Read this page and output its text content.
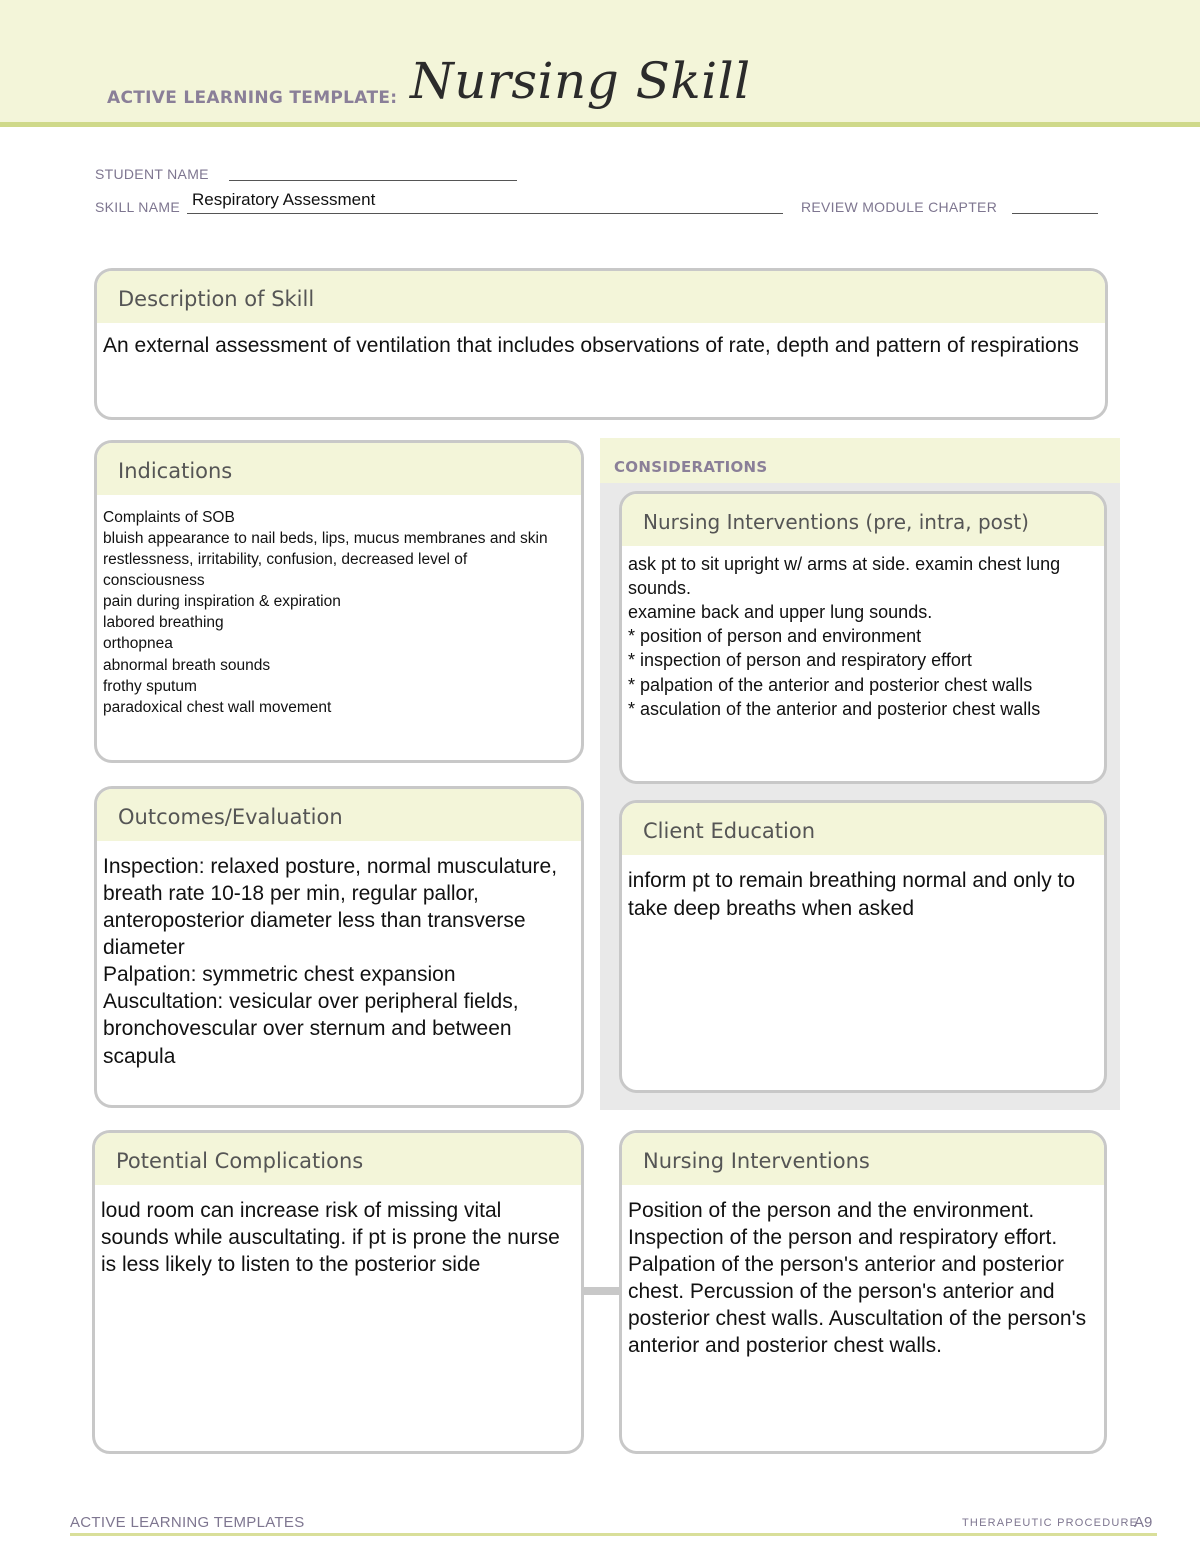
ACTIVE LEARNING TEMPLATE: Nursing Skill
STUDENT NAME
SKILL NAME Respiratory Assessment	REVIEW MODULE CHAPTER
Description of Skill
An external assessment of ventilation that includes observations of rate, depth and pattern of respirations
CONSIDERATIONS
Indications
Complaints of SOB
bluish appearance to nail beds, lips, mucus membranes and skin
restlessness, irritability, confusion, decreased level of consciousness
pain during inspiration & expiration
labored breathing
orthopnea
abnormal breath sounds
frothy sputum
paradoxical chest wall movement
Nursing Interventions (pre, intra, post)
ask pt to sit upright w/ arms at side. examin chest lung sounds.
examine back and upper lung sounds.
* position of person and environment
* inspection of person and respiratory effort
* palpation of the anterior and posterior chest walls
* asculation of the anterior and posterior chest walls
Outcomes/Evaluation
Inspection: relaxed posture, normal musculature, breath rate 10-18 per min, regular pallor, anteroposterior diameter less than transverse diameter
Palpation: symmetric chest expansion
Auscultation: vesicular over peripheral fields, bronchovescular over sternum and between scapula
Client Education
inform pt to remain breathing normal and only to take deep breaths when asked
Potential Complications
loud room can increase risk of missing vital sounds while auscultating. if pt is prone the nurse is less likely to listen to the posterior side
Nursing Interventions
Position of the person and the environment. Inspection of the person and respiratory effort. Palpation of the person's anterior and posterior chest. Percussion of the person's anterior and posterior chest walls. Auscultation of the person's anterior and posterior chest walls.
ACTIVE LEARNING TEMPLATES	THERAPEUTIC PROCEDURE
A9
